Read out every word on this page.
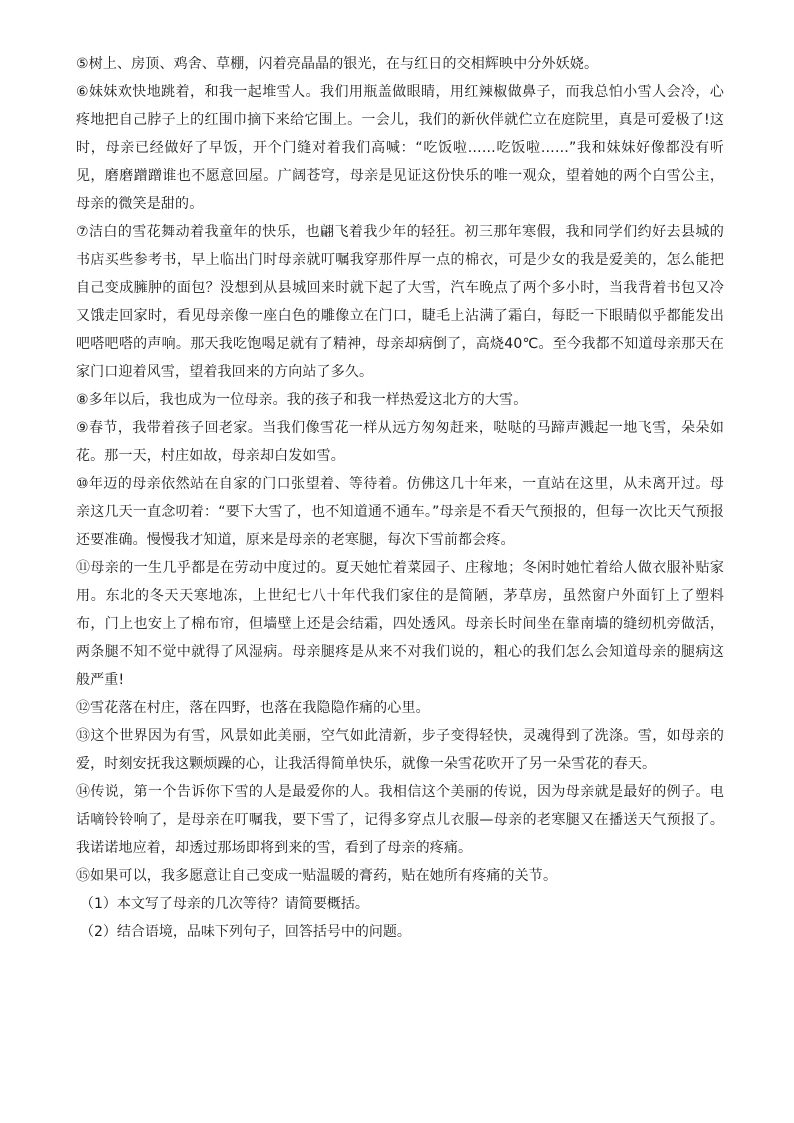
⑤树上、房顶、鸡舍、草棚，闪着亮晶晶的银光，在与红日的交相辉映中分外妖娆。

⑥妹妹欢快地跳着，和我一起堆雪人。我们用瓶盖做眼睛，用红辣椒做鼻子，而我总怕小雪人会冷，心疼地把自己脖子上的红围巾摘下来给它围上。一会儿，我们的新伙伴就伫立在庭院里，真是可爱极了!这时，母亲已经做好了早饭，开个门缝对着我们高喊：“吃饭啦……吃饭啦……”我和妹妹好像都没有听见，磨磨蹭蹭谁也不愿意回屋。广阔苍穹，母亲是见证这份快乐的唯一观众，望着她的两个白雪公主，母亲的微笑是甜的。

⑦洁白的雪花舞动着我童年的快乐，也翩飞着我少年的轻狂。初三那年寒假，我和同学们约好去县城的书店买些参考书，早上临出门时母亲就叮嘱我穿那件厚一点的棉衣，可是少女的我是爱美的，怎么能把自己变成臃肿的面包？没想到从县城回来时就下起了大雪，汽车晚点了两个多小时，当我背着书包又冷又饿走回家时，看见母亲像一座白色的雕像立在门口，睫毛上沾满了霜白，每眨一下眼睛似乎都能发出吧嗒吧嗒的声响。那天我吃饱喝足就有了精神，母亲却病倒了，高烧40℃。至今我都不知道母亲那天在家门口迎着风雪，望着我回来的方向站了多久。

⑧多年以后，我也成为一位母亲。我的孩子和我一样热爱这北方的大雪。

⑨春节，我带着孩子回老家。当我们像雪花一样从远方匆匆赶来，哒哒的马蹄声溅起一地飞雪，朵朵如花。那一天，村庄如故，母亲却白发如雪。

⑩年迈的母亲依然站在自家的门口张望着、等待着。仿佛这几十年来，一直站在这里，从未离开过。母亲这几天一直念叨着：“要下大雪了，也不知道通不通车。”母亲是不看天气预报的，但每一次比天气预报还要准确。慢慢我才知道，原来是母亲的老寒腿，每次下雪前都会疼。

⑪母亲的一生几乎都是在劳动中度过的。夏天她忙着菜园子、庄稼地；冬闲时她忙着给人做衣服补贴家用。东北的冬天天寒地冻，上世纪七八十年代我们家住的是简陋，茅草房，虽然窗户外面钉上了塑料布，门上也安上了棉布帘，但墙壁上还是会结霜，四处透风。母亲长时间坐在靠南墙的缝纫机旁做活，两条腿不知不觉中就得了风湿病。母亲腿疼是从来不对我们说的，粗心的我们怎么会知道母亲的腿病这般严重!

⑫雪花落在村庄，落在四野，也落在我隐隐作痛的心里。

⑬这个世界因为有雪，风景如此美丽，空气如此清新，步子变得轻快，灵魂得到了洗涤。雪，如母亲的爱，时刻安抚我这颗烦躁的心，让我活得简单快乐，就像一朵雪花吹开了另一朵雪花的春天。

⑭传说，第一个告诉你下雪的人是最爱你的人。我相信这个美丽的传说，因为母亲就是最好的例子。电话嘀铃铃响了，是母亲在叮嘱我，要下雪了，记得多穿点儿衣服—母亲的老寒腿又在播送天气预报了。我诺诺地应着，却透过那场即将到来的雪，看到了母亲的疼痛。

⑮如果可以，我多愿意让自己变成一贴温暖的膏药，贴在她所有疼痛的关节。

（1）本文写了母亲的几次等待？请简要概括。

（2）结合语境，品味下列句子，回答括号中的问题。
